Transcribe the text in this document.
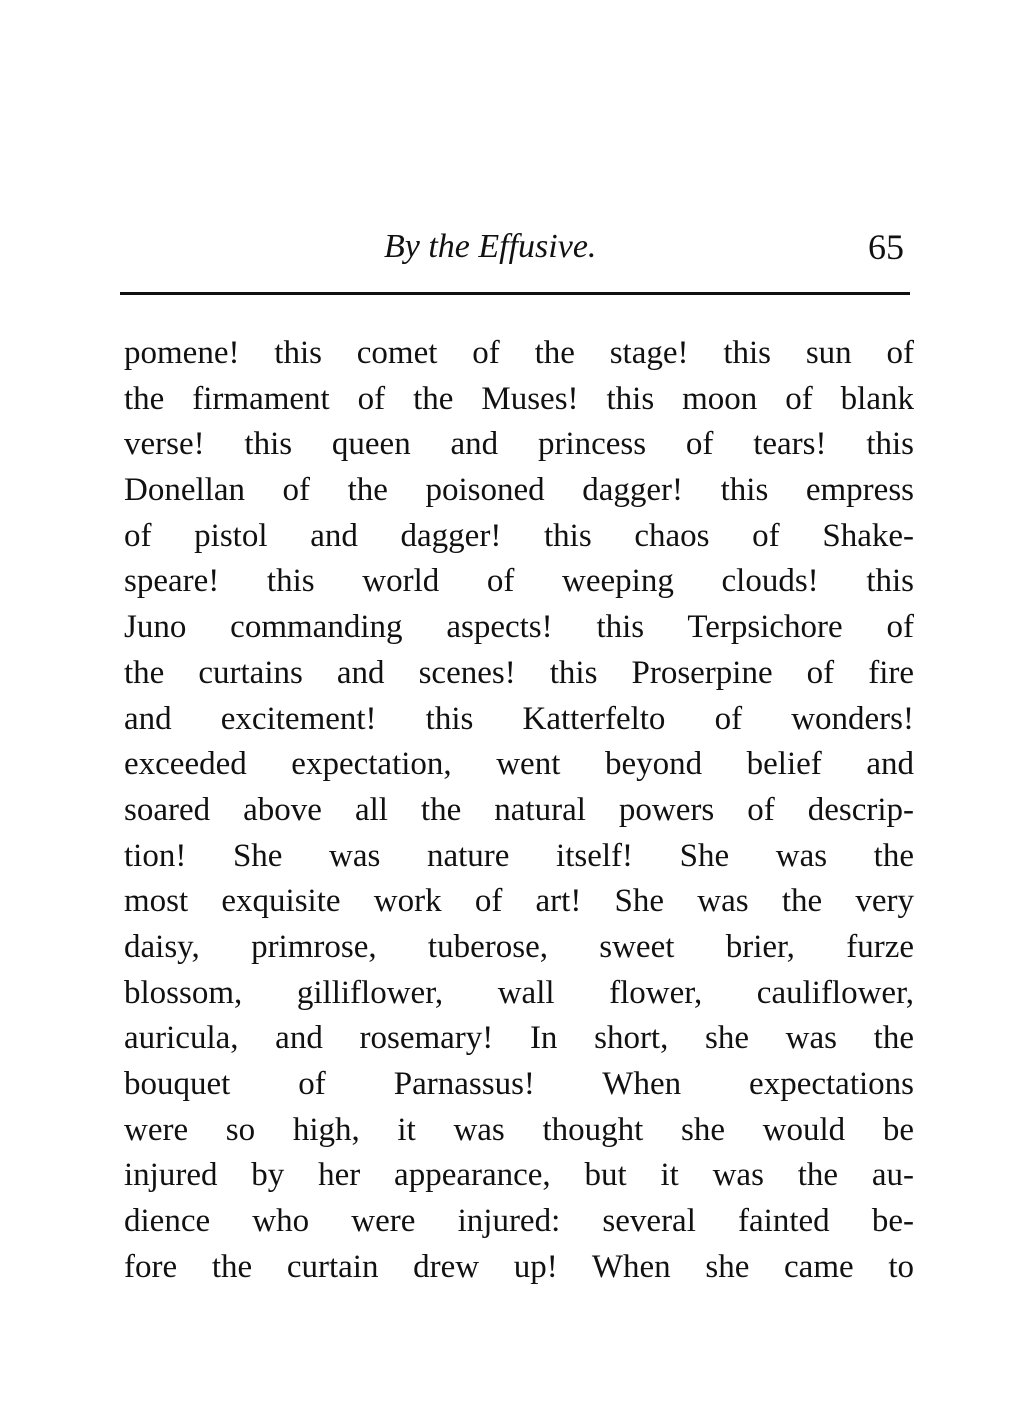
By the Effusive.	65
pomene! this comet of the stage! this sun of
the firmament of the Muses! this moon of blank
verse! this queen and princess of tears! this
Donellan of the poisoned dagger! this empress
of pistol and dagger! this chaos of Shake-
speare! this world of weeping clouds! this
Juno commanding aspects! this Terpsichore of
the curtains and scenes! this Proserpine of fire
and excitement! this Katterfelto of wonders!
exceeded expectation, went beyond belief and
soared above all the natural powers of descrip-
tion! She was nature itself! She was the
most exquisite work of art! She was the very
daisy, primrose, tuberose, sweet brier, furze
blossom, gilliflower, wall flower, cauliflower,
auricula, and rosemary! In short, she was the
bouquet of Parnassus! When expectations
were so high, it was thought she would be
injured by her appearance, but it was the au-
dience who were injured: several fainted be-
fore the curtain drew up! When she came to
